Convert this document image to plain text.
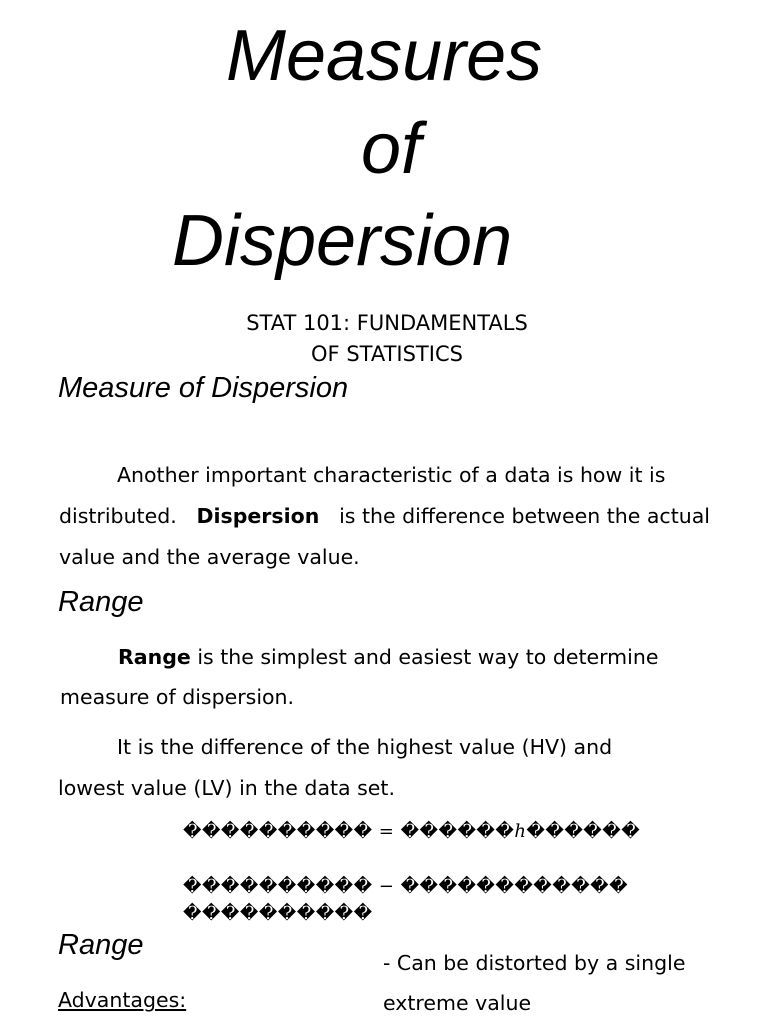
Measures
of
Dispersion
STAT 101: FUNDAMENTALS
OF STATISTICS
Measure of Dispersion
Another important characteristic of a data is how it is
distributed. Dispersion is the difference between the actual
value and the average value.
Range
Range is the simplest and easiest way to determine
measure of dispersion.
It is the difference of the highest value (HV) and
lowest value (LV) in the data set.
���������� = ������ℎ������
���������� − ������������
����������
Range
- Can be distorted by a single
extreme value
Advantages:
